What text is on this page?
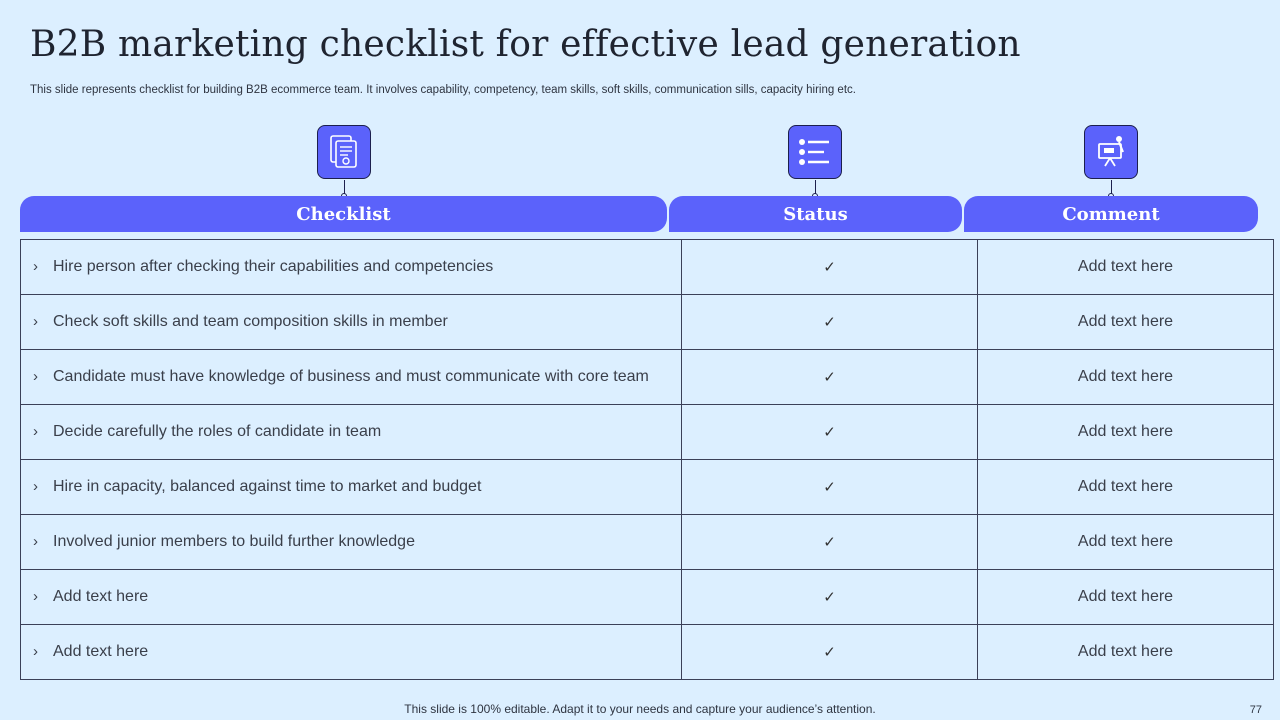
B2B marketing checklist for effective lead generation
This slide represents checklist for building B2B ecommerce team. It involves capability, competency, team skills, soft skills, communication sills, capacity hiring etc.
Checklist	Status	Comment
› Hire person after checking their capabilities and competencies	✓	Add text here
› Check soft skills and team composition skills in member	✓	Add text here
› Candidate must have knowledge of business and must communicate with core team	✓	Add text here
› Decide carefully the roles of candidate in team	✓	Add text here
› Hire in capacity, balanced against time to market and budget	✓	Add text here
› Involved junior members to build further knowledge	✓	Add text here
› Add text here	✓	Add text here
› Add text here	✓	Add text here
This slide is 100% editable. Adapt it to your needs and capture your audience’s attention.	77
